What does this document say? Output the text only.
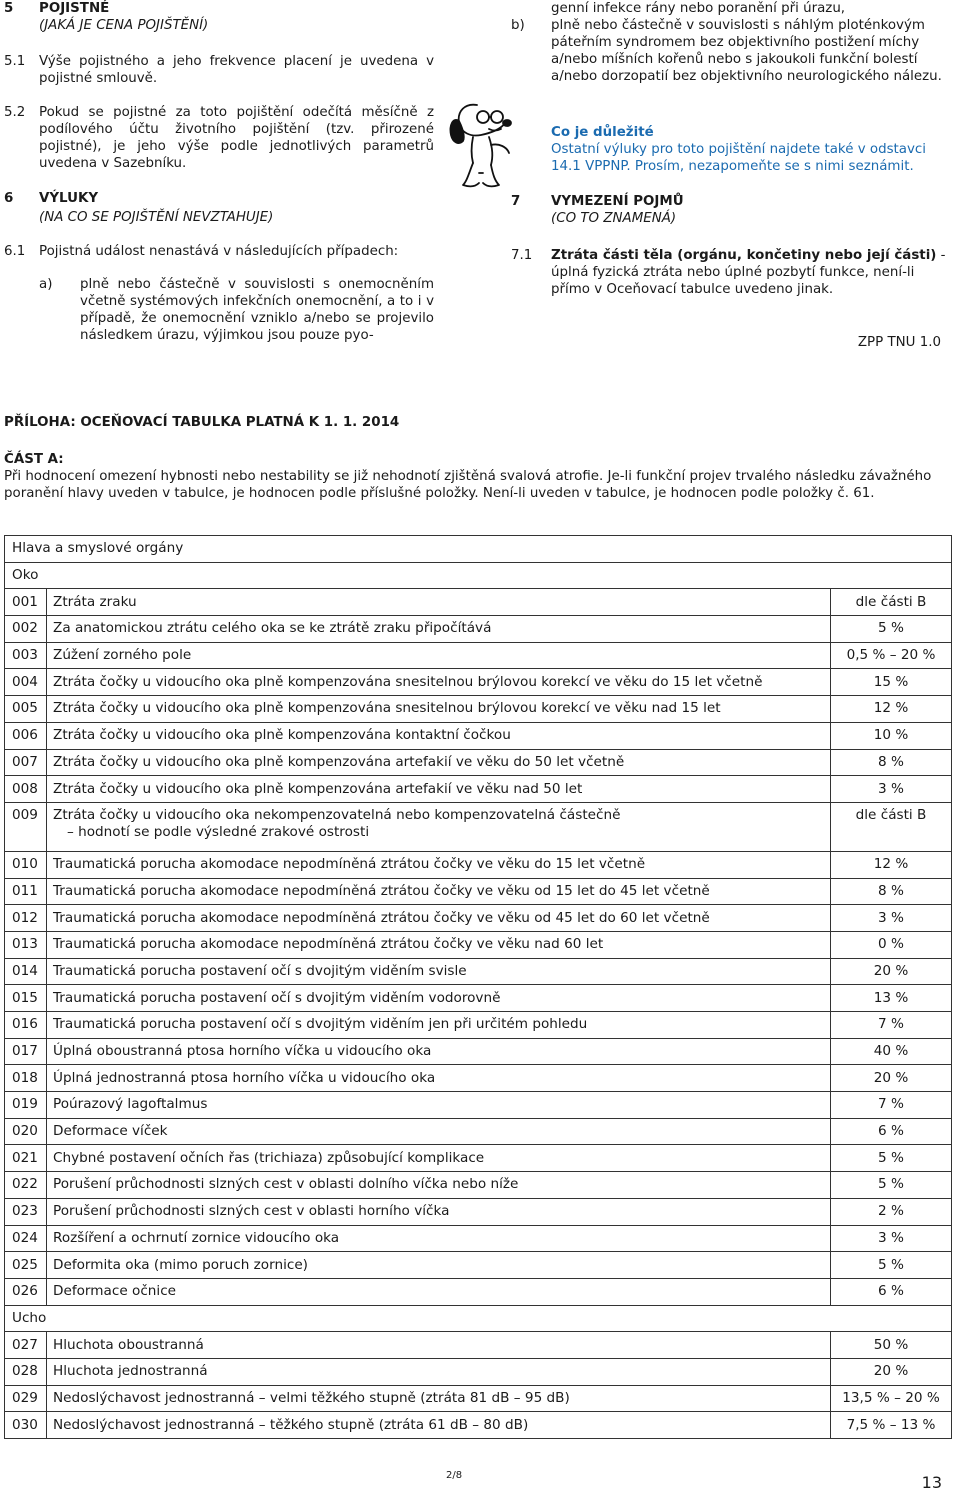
5 POJISTNÉ

(JAKÁ JE CENA POJIŠTĚNÍ)

5.1 Výše pojistného a jeho frekvence placení je uvedena v pojistné smlouvě.

5.2 Pokud se pojistné za toto pojištění odečítá měsíčně z podílového účtu životního pojištění (tzv. přirozené pojistné), je jeho výše podle jednotlivých parametrů uvedena v Sazebníku.

6 VÝLUKY

(NA CO SE POJIŠTĚNÍ NEVZTAHUJE)

6.1 Pojistná událost nenastává v následujících případech:

a) plně nebo částečně v souvislosti s onemocněním včetně systémových infekčních onemocnění, a to i v případě, že onemocnění vzniklo a/nebo se projevilo následkem úrazu, výjimkou jsou pouze pyo-

genní infekce rány nebo poranění při úrazu,

b) plně nebo částečně v souvislosti s náhlým ploténkovým páteřním syndromem bez objektivního postižení míchy a/nebo míšních kořenů nebo s jakoukoli funkční bolestí a/nebo dorzopatií bez objektivního neurologického nálezu.

Co je důležité

Ostatní výluky pro toto pojištění najdete také v odstavci 14.1 VPPNP. Prosím, nezapomeňte se s nimi seznámit.

7 VYMEZENÍ POJMŮ

(CO TO ZNAMENÁ)

7.1 Ztráta části těla (orgánu, končetiny nebo její části) - úplná fyzická ztráta nebo úplné pozbytí funkce, není-li přímo v Oceňovací tabulce uvedeno jinak.

ZPP TNU 1.0
PŘÍLOHA: OCEŇOVACÍ TABULKA PLATNÁ K 1. 1. 2014
ČÁST A:
Při hodnocení omezení hybnosti nebo nestability se již nehodnotí zjištěná svalová atrofie. Je-li funkční projev trvalého následku závažného poranění hlavy uveden v tabulce, je hodnocen podle příslušné položky. Není-li uveden v tabulce, je hodnocen podle položky č. 61.
Hlava a smyslové orgány		
Oko		
001	Ztráta zraku	dle části B
002	Za anatomickou ztrátu celého oka se ke ztrátě zraku připočítává	5 %
003	Zúžení zorného pole	0,5 % – 20 %
004	Ztráta čočky u vidoucího oka plně kompenzována snesitelnou brýlovou korekcí ve věku do 15 let včetně	15 %
005	Ztráta čočky u vidoucího oka plně kompenzována snesitelnou brýlovou korekcí ve věku nad 15 let	12 %
006	Ztráta čočky u vidoucího oka plně kompenzována kontaktní čočkou	10 %
007	Ztráta čočky u vidoucího oka plně kompenzována artefakií ve věku do 50 let včetně	8 %
008	Ztráta čočky u vidoucího oka plně kompenzována artefakií ve věku nad 50 let	3 %
009	Ztráta čočky u vidoucího oka nekompenzovatelná nebo kompenzovatelná částečně
– hodnotí se podle výsledné zrakové ostrosti	dle části B
010	Traumatická porucha akomodace nepodmíněná ztrátou čočky ve věku do 15 let včetně	12 %
011	Traumatická porucha akomodace nepodmíněná ztrátou čočky ve věku od 15 let do 45 let včetně	8 %
012	Traumatická porucha akomodace nepodmíněná ztrátou čočky ve věku od 45 let do 60 let včetně	3 %
013	Traumatická porucha akomodace nepodmíněná ztrátou čočky ve věku nad 60 let	0 %
014	Traumatická porucha postavení očí s dvojitým viděním svisle	20 %
015	Traumatická porucha postavení očí s dvojitým viděním vodorovně	13 %
016	Traumatická porucha postavení očí s dvojitým viděním jen při určitém pohledu	7 %
017	Úplná oboustranná ptosa horního víčka u vidoucího oka	40 %
018	Úplná jednostranná ptosa horního víčka u vidoucího oka	20 %
019	Poúrazový lagoftalmus	7 %
020	Deformace víček	6 %
021	Chybné postavení očních řas (trichiaza) způsobující komplikace	5 %
022	Porušení průchodnosti slzných cest v oblasti dolního víčka nebo níže	5 %
023	Porušení průchodnosti slzných cest v oblasti horního víčka	2 %
024	Rozšíření a ochrnutí zornice vidoucího oka	3 %
025	Deformita oka (mimo poruch zornice)	5 %
026	Deformace očnice	6 %
Ucho		
027	Hluchota oboustranná	50 %
028	Hluchota jednostranná	20 %
029	Nedoslýchavost jednostranná – velmi těžkého stupně (ztráta 81 dB – 95 dB)	13,5 % – 20 %
030	Nedoslýchavost jednostranná – těžkého stupně (ztráta 61 dB – 80 dB)	7,5 % – 13 %
2/8	13
